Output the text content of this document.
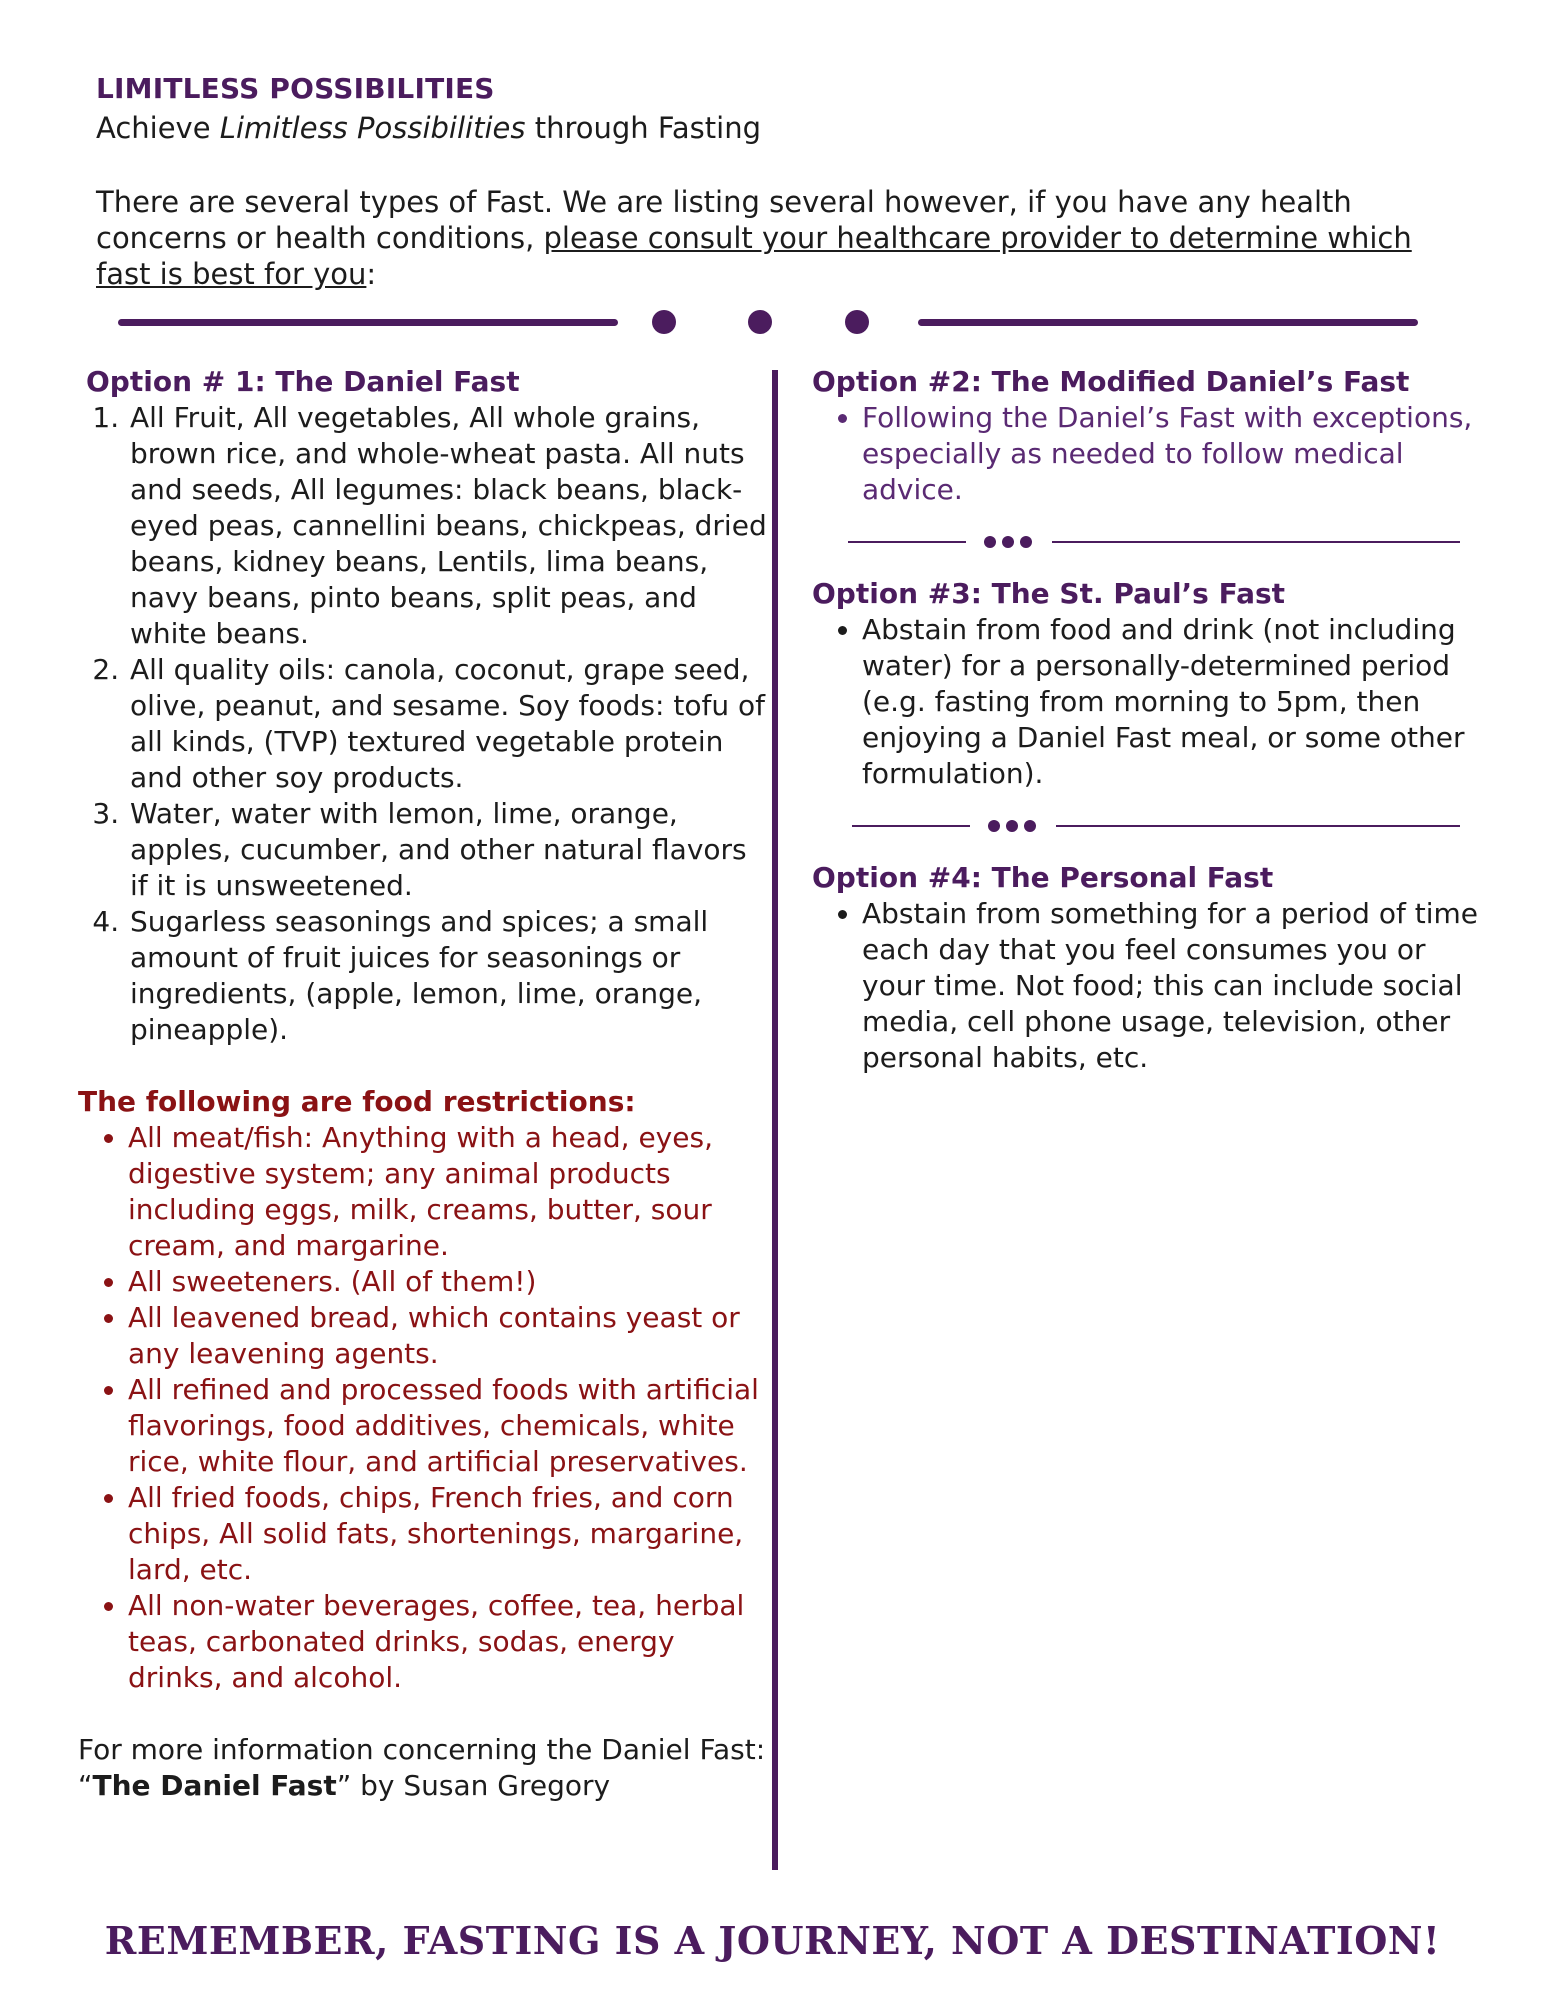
LIMITLESS POSSIBILITIES

Achieve Limitless Possibilities through Fasting

There are several types of Fast. We are listing several however, if you have any health concerns or health conditions, please consult your healthcare provider to determine which fast is best for you:

Option # 1: The Daniel Fast
1. All Fruit, All vegetables, All whole grains, brown rice, and whole-wheat pasta. All nuts and seeds, All legumes: black beans, black-eyed peas, cannellini beans, chickpeas, dried beans, kidney beans, Lentils, lima beans, navy beans, pinto beans, split peas, and white beans.
2. All quality oils: canola, coconut, grape seed, olive, peanut, and sesame. Soy foods: tofu of all kinds, (TVP) textured vegetable protein and other soy products.
3. Water, water with lemon, lime, orange, apples, cucumber, and other natural flavors if it is unsweetened.
4. Sugarless seasonings and spices; a small amount of fruit juices for seasonings or ingredients, (apple, lemon, lime, orange, pineapple).
The following are food restrictions:
• All meat/fish: Anything with a head, eyes, digestive system; any animal products including eggs, milk, creams, butter, sour cream, and margarine.
• All sweeteners. (All of them!)
• All leavened bread, which contains yeast or any leavening agents.
• All refined and processed foods with artificial flavorings, food additives, chemicals, white rice, white flour, and artificial preservatives.
• All fried foods, chips, French fries, and corn chips, All solid fats, shortenings, margarine, lard, etc.
• All non-water beverages, coffee, tea, herbal teas, carbonated drinks, sodas, energy drinks, and alcohol.

For more information concerning the Daniel Fast: “The Daniel Fast” by Susan Gregory

Option #2: The Modified Daniel’s Fast
• Following the Daniel’s Fast with exceptions, especially as needed to follow medical advice.
Option #3: The St. Paul’s Fast
• Abstain from food and drink (not including water) for a personally-determined period (e.g. fasting from morning to 5pm, then enjoying a Daniel Fast meal, or some other formulation).
Option #4: The Personal Fast
• Abstain from something for a period of time each day that you feel consumes you or your time. Not food; this can include social media, cell phone usage, television, other personal habits, etc.

REMEMBER, FASTING IS A JOURNEY, NOT A DESTINATION!
